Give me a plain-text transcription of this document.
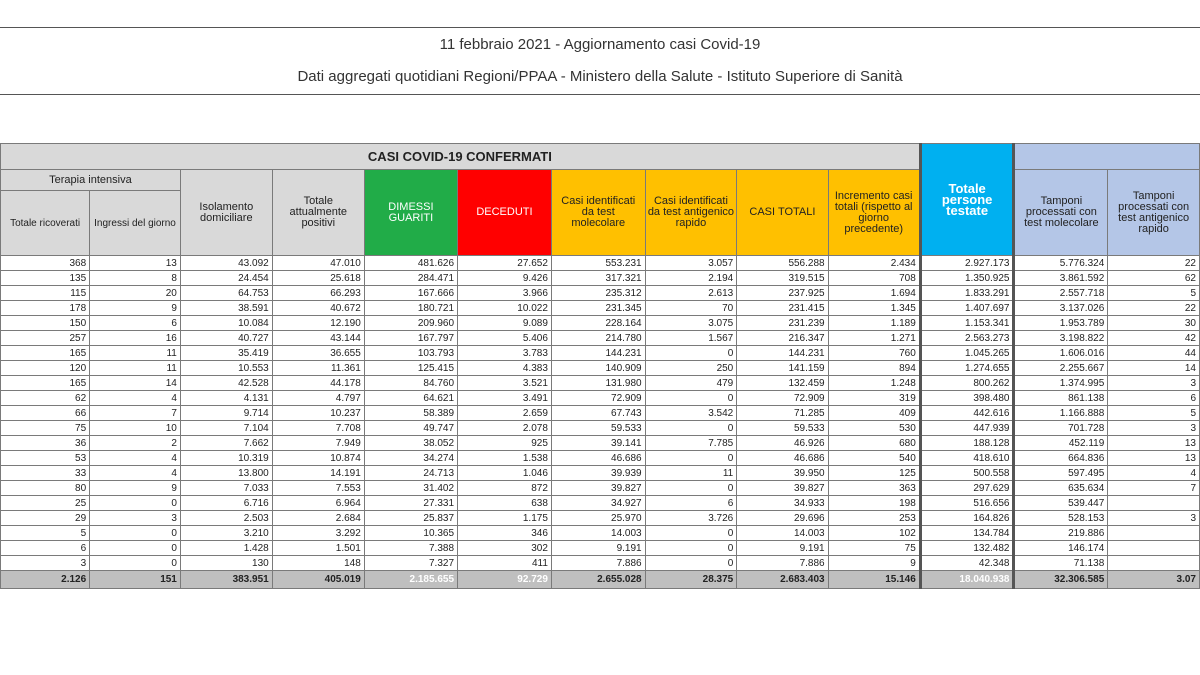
11 febbraio 2021 - Aggiornamento casi Covid-19
Dati aggregati quotidiani Regioni/PPAA - Ministero della Salute - Istituto Superiore di Sanità
CASI COVID-19 CONFERMATI										Totale persone testate		
Terapia intensiva		Isolamento domiciliare	Totale attualmente positivi	DIMESSI GUARITI	DECEDUTI	Casi identificati da test molecolare	Casi identificati da test antigenico rapido	CASI TOTALI	Incremento casi totali (rispetto al giorno precedente)		Tamponi processati con test molecolare	Tamponi processati con test antigenico rapido
Totale ricoverati	Ingressi del giorno											
368	13	43.092	47.010	481.626	27.652	553.231	3.057	556.288	2.434	2.927.173	5.776.324	22
135	8	24.454	25.618	284.471	9.426	317.321	2.194	319.515	708	1.350.925	3.861.592	62
115	20	64.753	66.293	167.666	3.966	235.312	2.613	237.925	1.694	1.833.291	2.557.718	5
178	9	38.591	40.672	180.721	10.022	231.345	70	231.415	1.345	1.407.697	3.137.026	22
150	6	10.084	12.190	209.960	9.089	228.164	3.075	231.239	1.189	1.153.341	1.953.789	30
257	16	40.727	43.144	167.797	5.406	214.780	1.567	216.347	1.271	2.563.273	3.198.822	42
165	11	35.419	36.655	103.793	3.783	144.231	0	144.231	760	1.045.265	1.606.016	44
120	11	10.553	11.361	125.415	4.383	140.909	250	141.159	894	1.274.655	2.255.667	14
165	14	42.528	44.178	84.760	3.521	131.980	479	132.459	1.248	800.262	1.374.995	3
62	4	4.131	4.797	64.621	3.491	72.909	0	72.909	319	398.480	861.138	6
66	7	9.714	10.237	58.389	2.659	67.743	3.542	71.285	409	442.616	1.166.888	5
75	10	7.104	7.708	49.747	2.078	59.533	0	59.533	530	447.939	701.728	3
36	2	7.662	7.949	38.052	925	39.141	7.785	46.926	680	188.128	452.119	13
53	4	10.319	10.874	34.274	1.538	46.686	0	46.686	540	418.610	664.836	13
33	4	13.800	14.191	24.713	1.046	39.939	11	39.950	125	500.558	597.495	4
80	9	7.033	7.553	31.402	872	39.827	0	39.827	363	297.629	635.634	7
25	0	6.716	6.964	27.331	638	34.927	6	34.933	198	516.656	539.447	
29	3	2.503	2.684	25.837	1.175	25.970	3.726	29.696	253	164.826	528.153	3
5	0	3.210	3.292	10.365	346	14.003	0	14.003	102	134.784	219.886	
6	0	1.428	1.501	7.388	302	9.191	0	9.191	75	132.482	146.174	
3	0	130	148	7.327	411	7.886	0	7.886	9	42.348	71.138	
2.126	151	383.951	405.019	2.185.655	92.729	2.655.028	28.375	2.683.403	15.146	18.040.938	32.306.585	3.07
